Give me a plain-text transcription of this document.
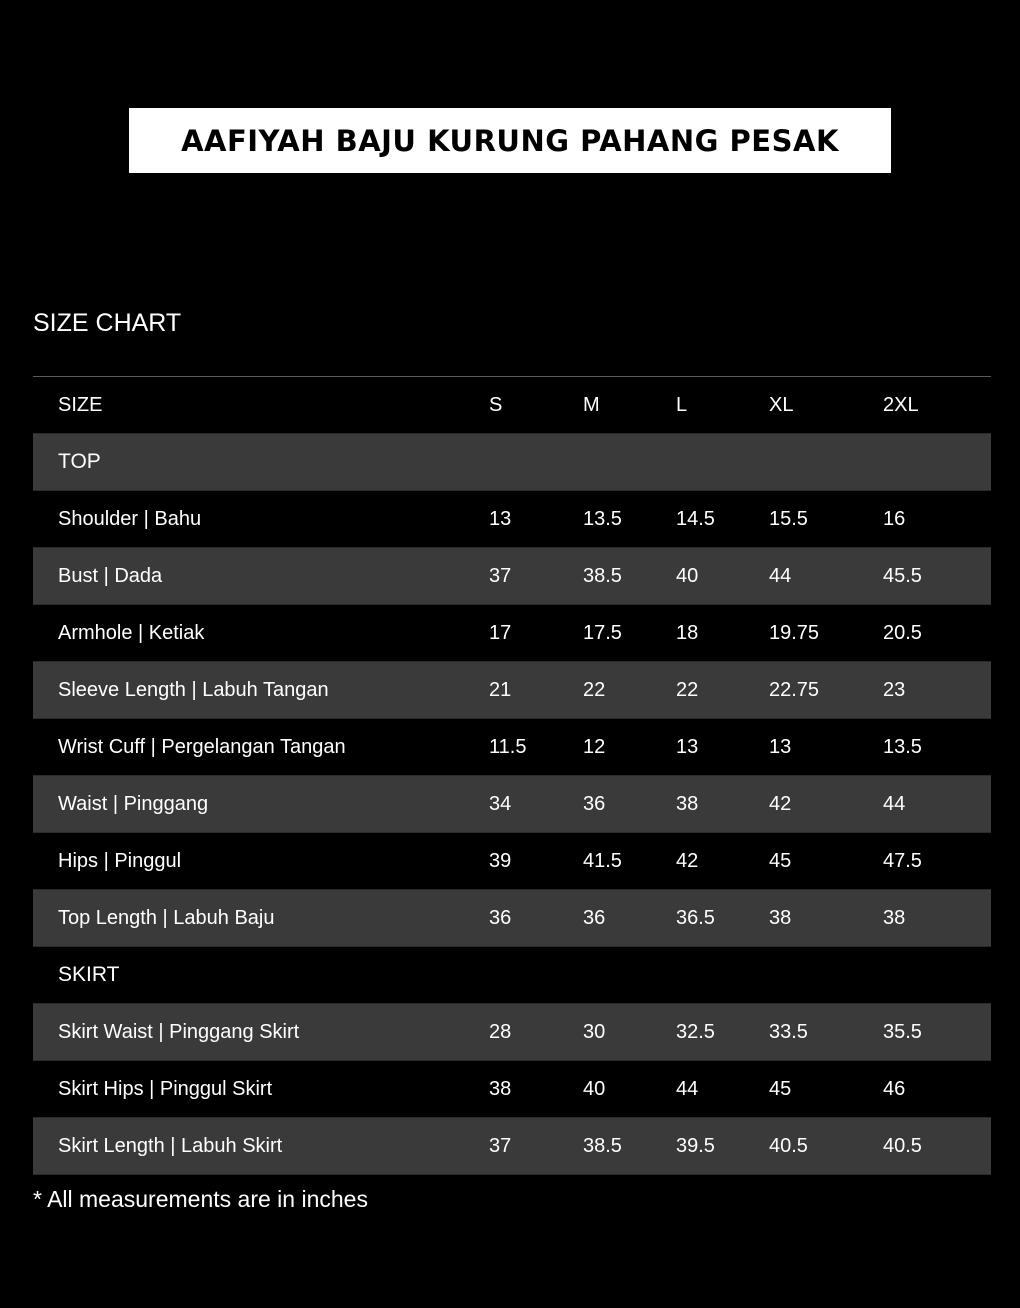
AAFIYAH BAJU KURUNG PAHANG PESAK
SIZE CHART
SIZE	S	M	L	XL	2XL
TOP
Shoulder | Bahu	13	13.5	14.5	15.5	16
Bust | Dada	37	38.5	40	44	45.5
Armhole | Ketiak	17	17.5	18	19.75	20.5
Sleeve Length | Labuh Tangan	21	22	22	22.75	23
Wrist Cuff | Pergelangan Tangan	11.5	12	13	13	13.5
Waist | Pinggang	34	36	38	42	44
Hips | Pinggul	39	41.5	42	45	47.5
Top Length | Labuh Baju	36	36	36.5	38	38
SKIRT
Skirt Waist | Pinggang Skirt	28	30	32.5	33.5	35.5
Skirt Hips | Pinggul Skirt	38	40	44	45	46
Skirt Length | Labuh Skirt	37	38.5	39.5	40.5	40.5
* All measurements are in inches
